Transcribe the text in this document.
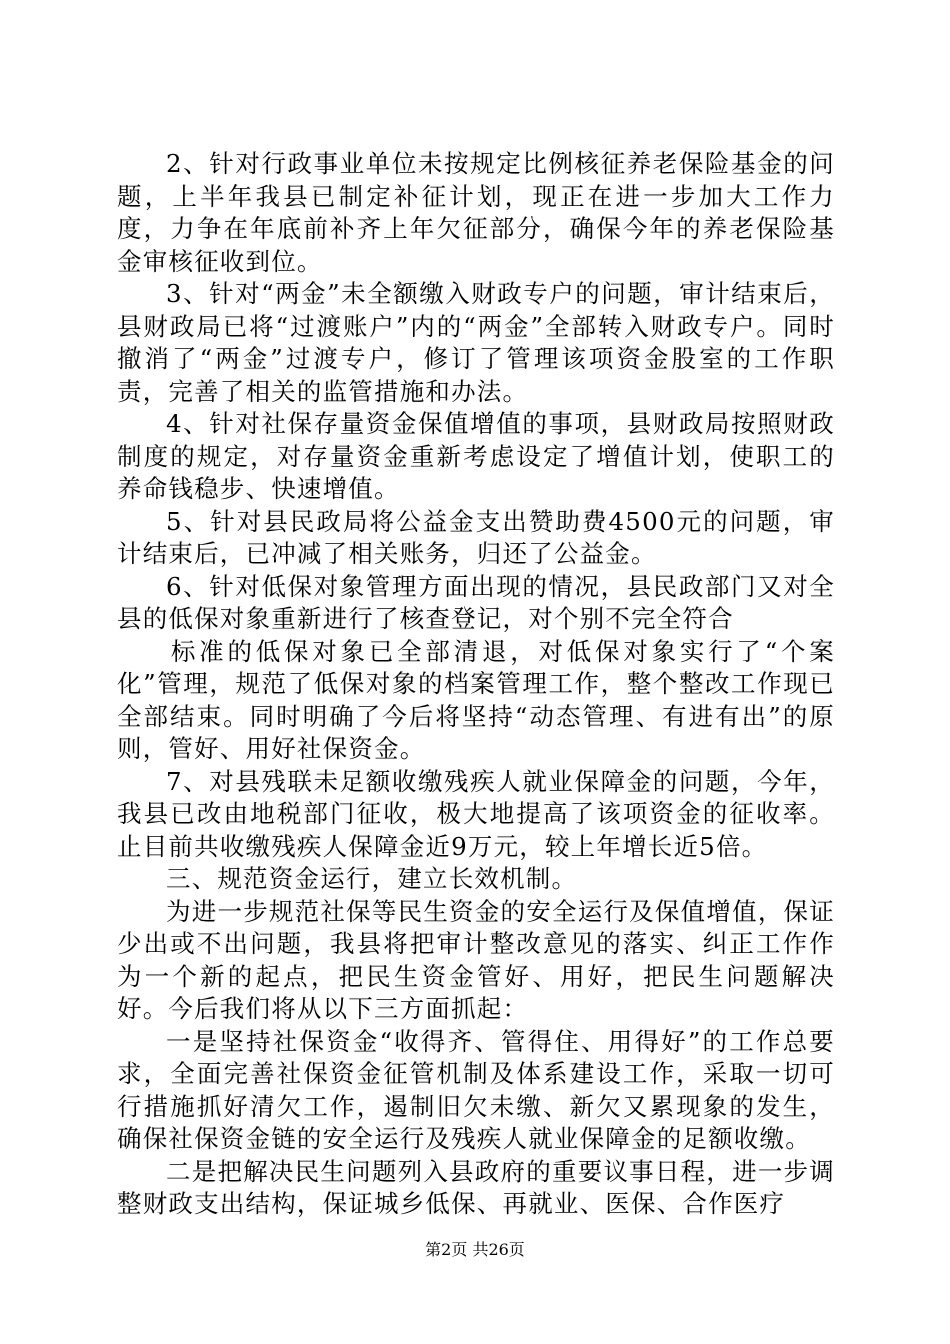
2、针对行政事业单位未按规定比例核征养老保险基金的问题，上半年我县已制定补征计划，现正在进一步加大工作力度，力争在年底前补齐上年欠征部分，确保今年的养老保险基金审核征收到位。

3、针对“两金”未全额缴入财政专户的问题，审计结束后，县财政局已将“过渡账户”内的“两金”全部转入财政专户。同时撤消了“两金”过渡专户，修订了管理该项资金股室的工作职责，完善了相关的监管措施和办法。

4、针对社保存量资金保值增值的事项，县财政局按照财政制度的规定，对存量资金重新考虑设定了增值计划，使职工的养命钱稳步、快速增值。

5、针对县民政局将公益金支出赞助费4500元的问题，审计结束后，已冲减了相关账务，归还了公益金。

6、针对低保对象管理方面出现的情况，县民政部门又对全县的低保对象重新进行了核查登记，对个别不完全符合

标准的低保对象已全部清退，对低保对象实行了“个案化”管理，规范了低保对象的档案管理工作，整个整改工作现已全部结束。同时明确了今后将坚持“动态管理、有进有出”的原则，管好、用好社保资金。

7、对县残联未足额收缴残疾人就业保障金的问题，今年，我县已改由地税部门征收，极大地提高了该项资金的征收率。止目前共收缴残疾人保障金近9万元，较上年增长近5倍。

三、规范资金运行，建立长效机制。

为进一步规范社保等民生资金的安全运行及保值增值，保证少出或不出问题，我县将把审计整改意见的落实、纠正工作作为一个新的起点，把民生资金管好、用好，把民生问题解决好。今后我们将从以下三方面抓起：

一是坚持社保资金“收得齐、管得住、用得好”的工作总要求，全面完善社保资金征管机制及体系建设工作，采取一切可行措施抓好清欠工作，遏制旧欠未缴、新欠又累现象的发生，确保社保资金链的安全运行及残疾人就业保障金的足额收缴。

二是把解决民生问题列入县政府的重要议事日程，进一步调整财政支出结构，保证城乡低保、再就业、医保、合作医疗

第2页 共26页
